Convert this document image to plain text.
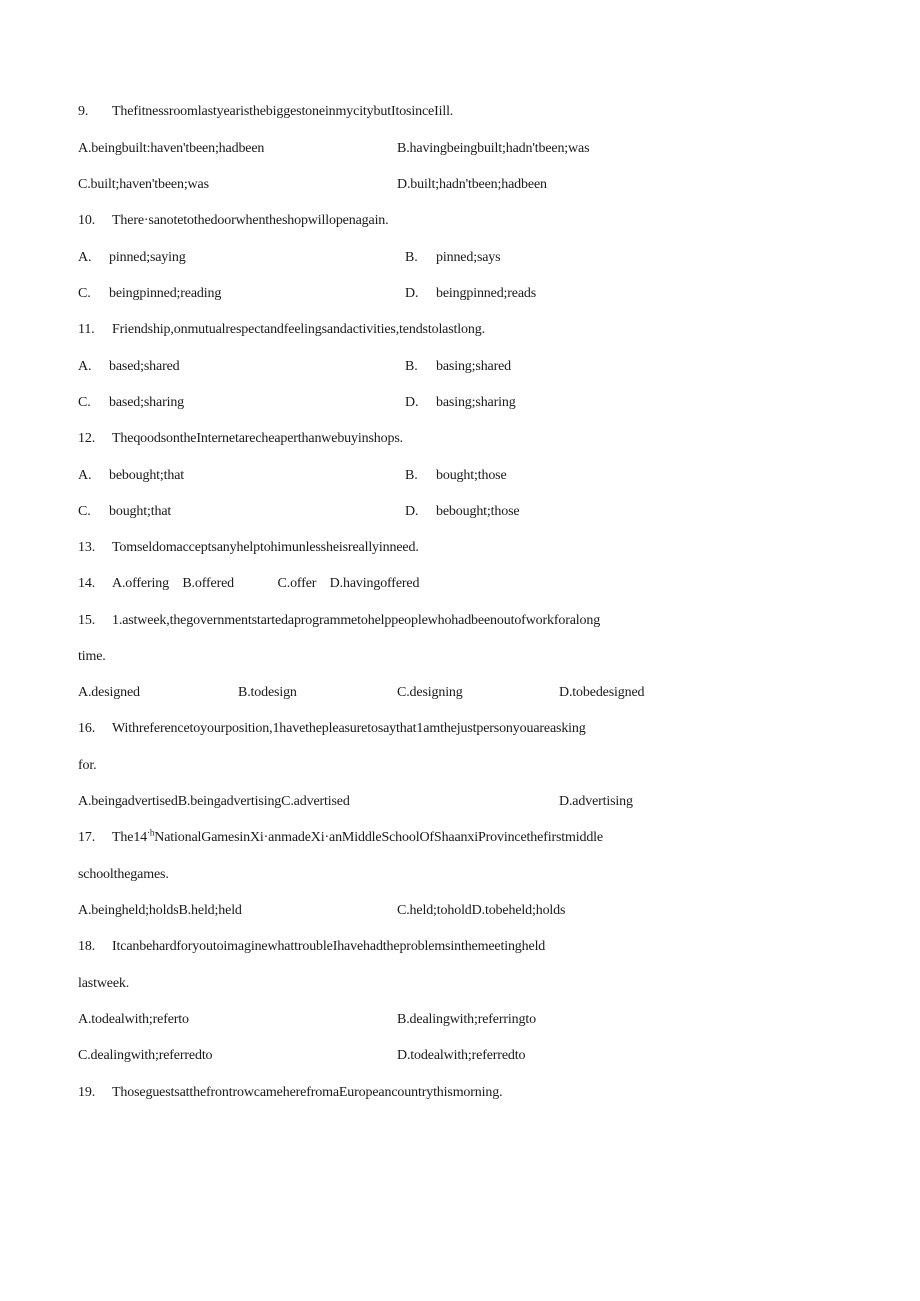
9. ThefitnessroomlastyearisthebiggestoneinmycitybutItosinceIill.
A.beingbuilt:haven'tbeen;hadbeen	B.havingbeingbuilt;hadn'tbeen;was
C.built;haven'tbeen;was	D.built;hadn'tbeen;hadbeen
10. There·sanotetothedoorwhentheshopwillopenagain.
A. pinned;saying	B. pinned;says
C. beingpinned;reading	D. beingpinned;reads
11. Friendship,onmutualrespectandfeelingsandactivities,tendstolastlong.
A. based;shared	B. basing;shared
C. based;sharing	D. basing;sharing
12. TheqoodsontheInternetarecheaperthanwebuyinshops.
A. bebought;that	B. bought;those
C. bought;that	D. bebought;those
13. Tomseldomacceptsanyhelptohimunlessheisreallyinneed.
14. A.offering    B.offered             C.offer    D.havingoffered
15. 1.astweek,thegovernmentstartedaprogrammetohelppeoplewhohadbeenoutofworkforalong
time.
A.designed	B.todesign	C.designing	D.tobedesigned
16. Withreferencetoyourposition,1havethepleasuretosaythat1amthejustpersonyouareasking
for.
A.beingadvertisedB.beingadvertisingC.advertised	D.advertising
17. $The14^{\cdot h}NationalGamesinXi\cdot anmadeXi\cdot anMiddleSchoolOfShaanxiProvincethefirstmiddle$
schoolthegames.
A.beingheld;holdsB.held;held	C.held;toholdD.tobeheld;holds
18. ItcanbehardforyoutoimaginewhattroubleIhavehadtheproblemsinthemeetingheld
lastweek.
A.todealwith;referto	B.dealingwith;referringto
C.dealingwith;referredto	D.todealwith;referredto
19. ThoseguestsatthefrontrowcameherefromaEuropeancountrythismorning.
